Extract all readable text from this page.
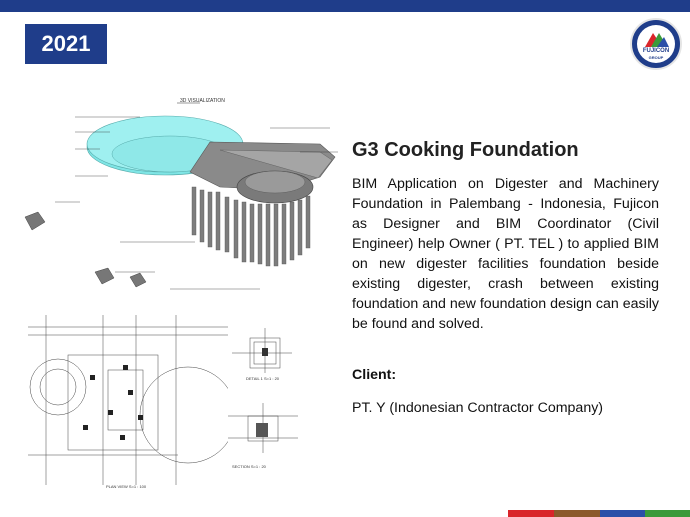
2021	FUJICON
GROUP
3D VISUALIZATION
PLAN VIEW S=1 : 100
DETAIL 1 S=1 : 20
SECTION S=1 : 20
G3 Cooking Foundation
BIM Application on Digester and Machinery Foundation in Palembang - Indonesia, Fujicon as Designer and BIM Coordinator (Civil Engineer) help Owner ( PT. TEL ) to applied BIM on new digester facilities foundation beside existing digester, crash between existing foundation and new foundation design can easily be found and solved.
Client:
PT. Y (Indonesian Contractor Company)
